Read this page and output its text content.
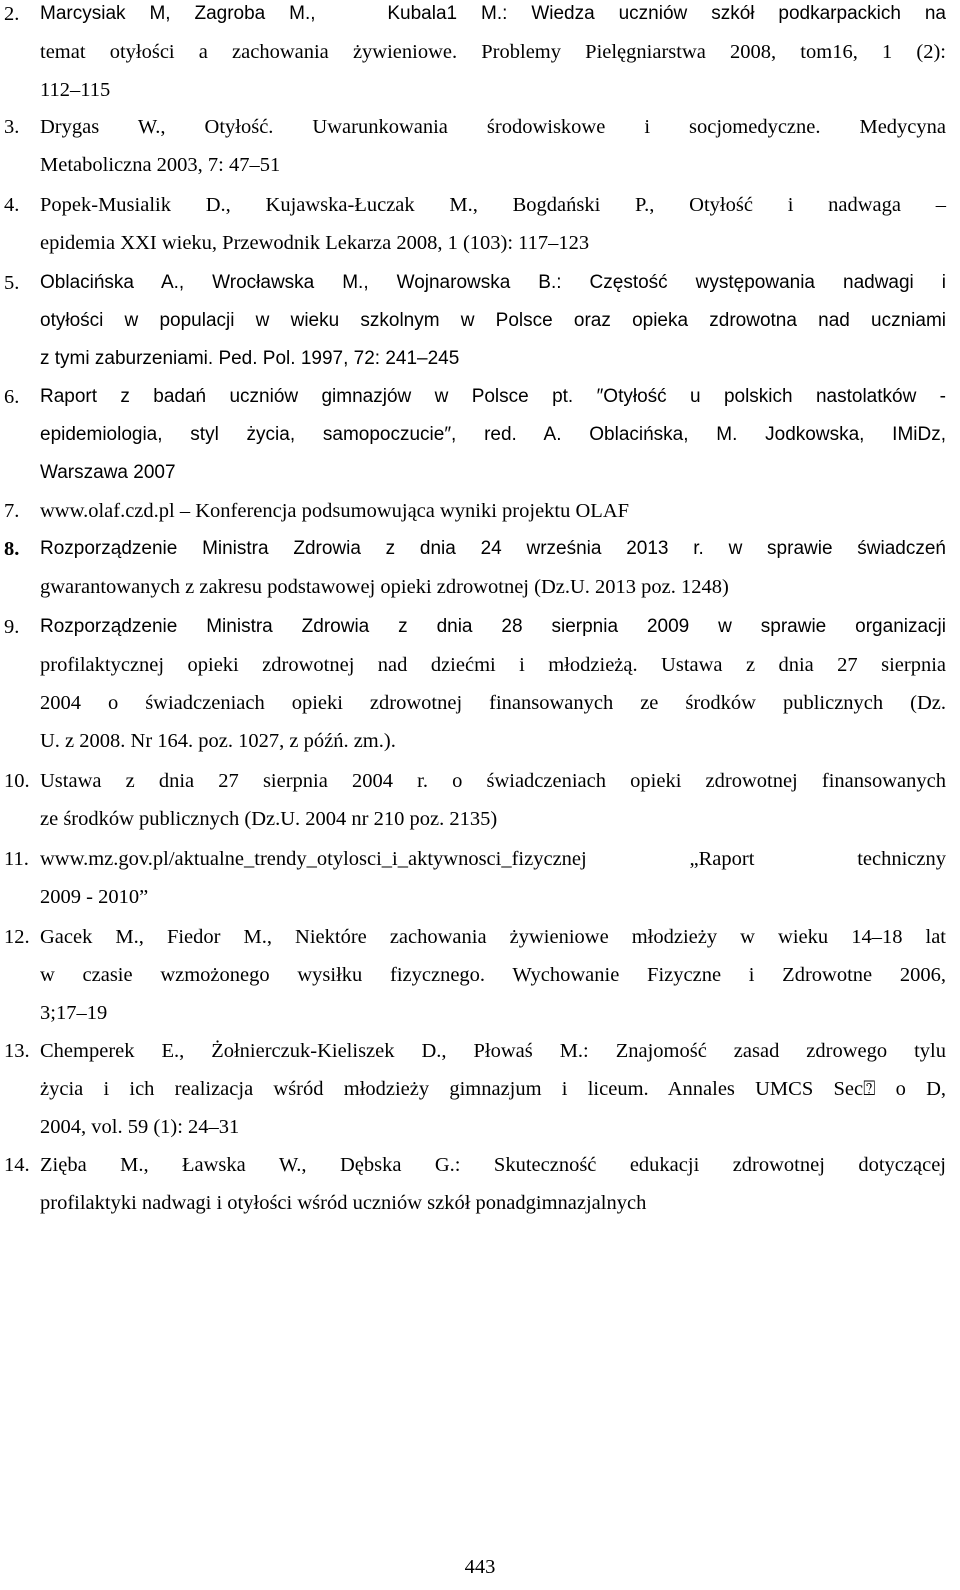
2. Marcysiak M, Zagroba M.,   Kubala1 M.: Wiedza uczniów szkół podkarpackich na
temat otyłości a zachowania żywieniowe. Problemy Pielęgniarstwa 2008, tom16, 1 (2):
112–115
3. Drygas W., Otyłość. Uwarunkowania środowiskowe i socjomedyczne. Medycyna
Metaboliczna 2003, 7: 47–51
4. Popek-Musialik D., Kujawska-Łuczak M., Bogdański P., Otyłość i nadwaga –
epidemia XXI wieku, Przewodnik Lekarza 2008, 1 (103): 117–123
5. Oblacińska A., Wrocławska M., Wojnarowska B.: Częstość występowania nadwagi i
otyłości w populacji w wieku szkolnym w Polsce oraz opieka zdrowotna nad uczniami
z tymi zaburzeniami. Ped. Pol. 1997, 72: 241–245
6. Raport z badań uczniów gimnazjów w Polsce pt. ″Otyłość u polskich nastolatków -
epidemiologia, styl życia, samopoczucie″, red. A. Oblacińska, M. Jodkowska, IMiDz,
Warszawa 2007
7. www.olaf.czd.pl – Konferencja podsumowująca wyniki projektu OLAF
8. Rozporządzenie Ministra Zdrowia z dnia 24 września 2013 r. w sprawie świadczeń
gwarantowanych z zakresu podstawowej opieki zdrowotnej (Dz.U. 2013 poz. 1248)
9. Rozporządzenie Ministra Zdrowia z dnia 28 sierpnia 2009 w sprawie organizacji
profilaktycznej opieki zdrowotnej nad dziećmi i młodzieżą. Ustawa z dnia 27 sierpnia
2004 o świadczeniach opieki zdrowotnej finansowanych ze środków publicznych (Dz.
U. z 2008. Nr 164. poz. 1027, z późń. zm.).
10. Ustawa z dnia 27 sierpnia 2004 r. o świadczeniach opieki zdrowotnej finansowanych
ze środków publicznych (Dz.U. 2004 nr 210 poz. 2135)
11. www.mz.gov.pl/aktualne_trendy_otylosci_i_aktywnosci_fizycznej „Raport techniczny
2009 - 2010”
12. Gacek M., Fiedor M., Niektóre zachowania żywieniowe młodzieży w wieku 14–18 lat
w czasie wzmożonego wysiłku fizycznego. Wychowanie Fizyczne i Zdrowotne 2006,
3;17–19
13. Chemperek E., Żołnierczuk-Kieliszek D., Płowaś M.: Znajomość zasad zdrowego tylu
życia i ich realizacja wśród młodzieży gimnazjum i liceum. Annales UMCS Sec⍰ o D,
2004, vol. 59 (1): 24–31
14. Zięba M., Ławska W., Dębska G.: Skuteczność edukacji zdrowotnej dotyczącej
profilaktyki nadwagi i otyłości wśród uczniów szkół ponadgimnazjalnych
443
